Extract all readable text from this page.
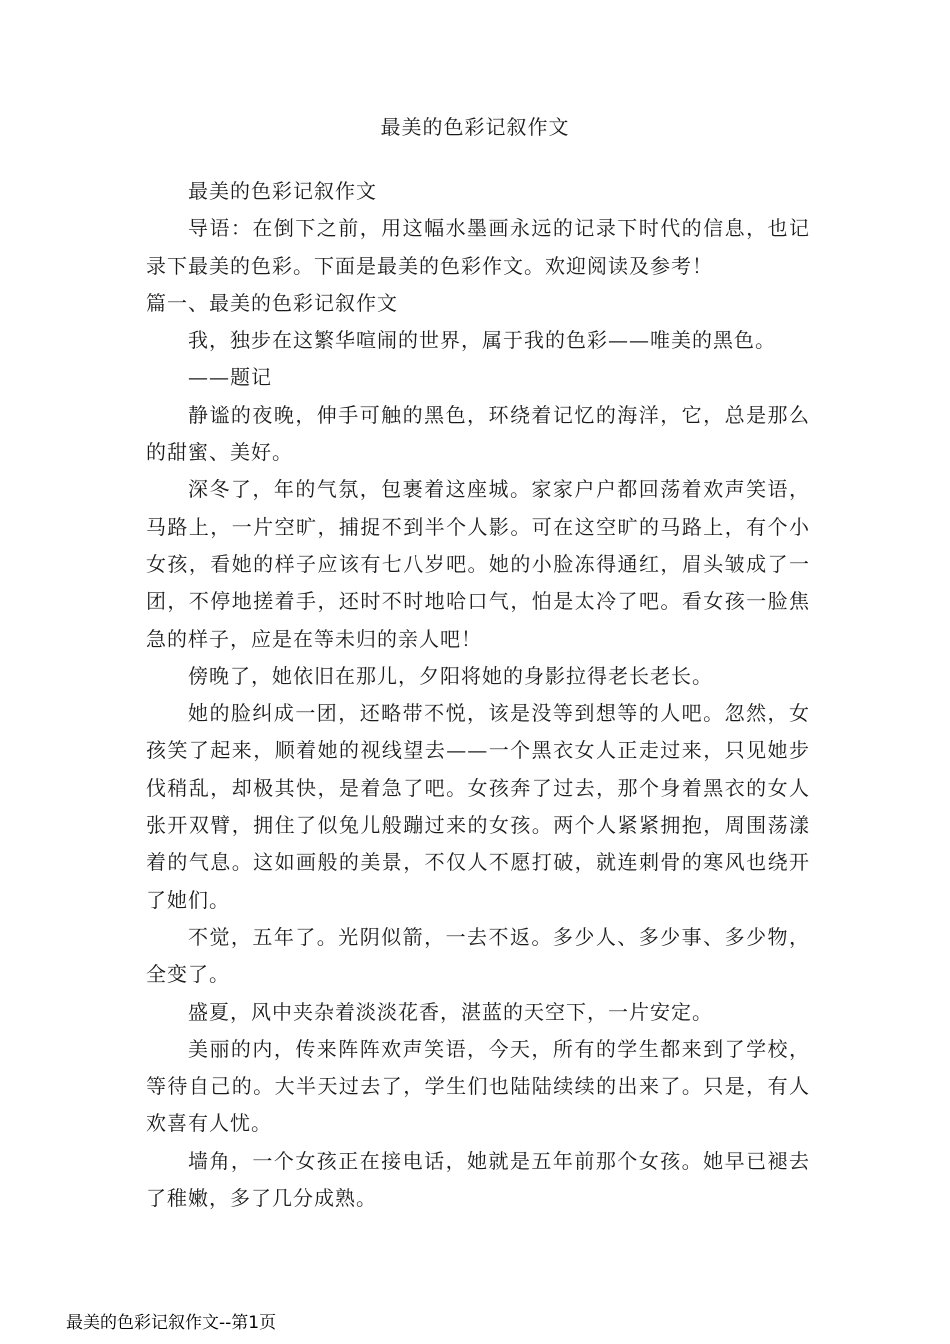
最美的色彩记叙作文

最美的色彩记叙作文

导语：在倒下之前，用这幅水墨画永远的记录下时代的信息，也记录下最美的色彩。下面是最美的色彩作文。欢迎阅读及参考！

篇一、最美的色彩记叙作文

我，独步在这繁华喧闹的世界，属于我的色彩——唯美的黑色。

——题记

静谧的夜晚，伸手可触的黑色，环绕着记忆的海洋，它，总是那么的甜蜜、美好。

深冬了，年的气氛，包裹着这座城。家家户户都回荡着欢声笑语，马路上，一片空旷，捕捉不到半个人影。可在这空旷的马路上，有个小女孩，看她的样子应该有七八岁吧。她的小脸冻得通红，眉头皱成了一团，不停地搓着手，还时不时地哈口气，怕是太冷了吧。看女孩一脸焦急的样子，应是在等未归的亲人吧！

傍晚了，她依旧在那儿，夕阳将她的身影拉得老长老长。

她的脸纠成一团，还略带不悦，该是没等到想等的人吧。忽然，女孩笑了起来，顺着她的视线望去——一个黑衣女人正走过来，只见她步伐稍乱，却极其快，是着急了吧。女孩奔了过去，那个身着黑衣的女人张开双臂，拥住了似兔儿般蹦过来的女孩。两个人紧紧拥抱，周围荡漾着的气息。这如画般的美景，不仅人不愿打破，就连刺骨的寒风也绕开了她们。

不觉，五年了。光阴似箭，一去不返。多少人、多少事、多少物，全变了。

盛夏，风中夹杂着淡淡花香，湛蓝的天空下，一片安定。

美丽的内，传来阵阵欢声笑语，今天，所有的学生都来到了学校，等待自己的。大半天过去了，学生们也陆陆续续的出来了。只是，有人欢喜有人忧。

墙角，一个女孩正在接电话，她就是五年前那个女孩。她早已褪去了稚嫩，多了几分成熟。

最美的色彩记叙作文--第1页
